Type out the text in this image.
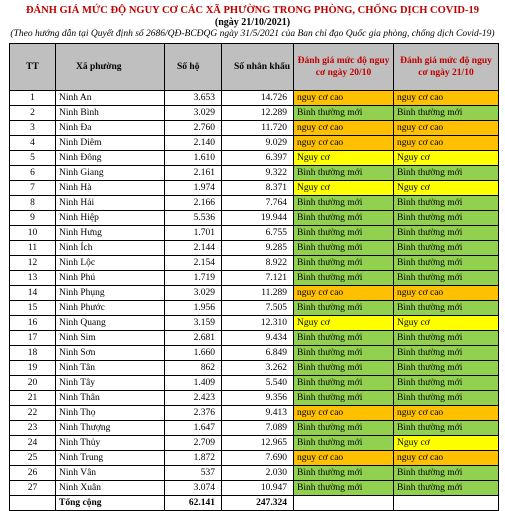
ĐÁNH GIÁ MỨC ĐỘ NGUY CƠ CÁC XÃ PHƯỜNG TRONG PHÒNG, CHỐNG DỊCH COVID-19
(ngày 21/10/2021)
(Theo hướng dẫn tại Quyết định số 2686/QĐ-BCĐQG ngày 31/5/2021 của Ban chỉ đạo Quốc gia phòng, chống dịch Covid-19)
TT	Xã phường	Số hộ	Số nhân khẩu	Đánh giá mức độ nguy cơ ngày 20/10	Đánh giá mức độ nguy cơ ngày 21/10
1	Ninh An	3.653	14.726	nguy cơ cao	nguy cơ cao
2	Ninh Bình	3.029	12.289	Bình thường mới	Bình thường mới
3	Ninh Đa	2.760	11.720	nguy cơ cao	nguy cơ cao
4	Ninh Diêm	2.140	9.029	nguy cơ cao	nguy cơ cao
5	Ninh Đông	1.610	6.397	Nguy cơ	Nguy cơ
6	Ninh Giang	2.161	9.322	Bình thường mới	Bình thường mới
7	Ninh Hà	1.974	8.371	Nguy cơ	Nguy cơ
8	Ninh Hải	2.166	7.764	Bình thường mới	Bình thường mới
9	Ninh Hiệp	5.536	19.944	Bình thường mới	Bình thường mới
10	Ninh Hưng	1.701	6.755	Bình thường mới	Bình thường mới
11	Ninh Ích	2.144	9.285	Bình thường mới	Bình thường mới
12	Ninh Lộc	2.154	8.922	Bình thường mới	Bình thường mới
13	Ninh Phú	1.719	7.121	Bình thường mới	Bình thường mới
14	Ninh Phụng	3.029	11.289	nguy cơ cao	nguy cơ cao
15	Ninh Phước	1.956	7.505	Bình thường mới	Bình thường mới
16	Ninh Quang	3.159	12.310	Nguy cơ	Nguy cơ
17	Ninh Sim	2.681	9.434	Bình thường mới	Bình thường mới
18	Ninh Sơn	1.660	6.849	Bình thường mới	Bình thường mới
19	Ninh Tân	862	3.262	Bình thường mới	Bình thường mới
20	Ninh Tây	1.409	5.540	Bình thường mới	Bình thường mới
21	Ninh Thân	2.423	9.356	Bình thường mới	Bình thường mới
22	Ninh Thọ	2.376	9.413	nguy cơ cao	nguy cơ cao
23	Ninh Thượng	1.647	7.089	Bình thường mới	Bình thường mới
24	Ninh Thủy	2.709	12.965	Bình thường mới	Nguy cơ
25	Ninh Trung	1.872	7.690	nguy cơ cao	nguy cơ cao
26	Ninh Vân	537	2.030	Bình thường mới	Bình thường mới
27	Ninh Xuân	3.074	10.947	Bình thường mới	Bình thường mới
	Tổng cộng	62.141	247.324		
